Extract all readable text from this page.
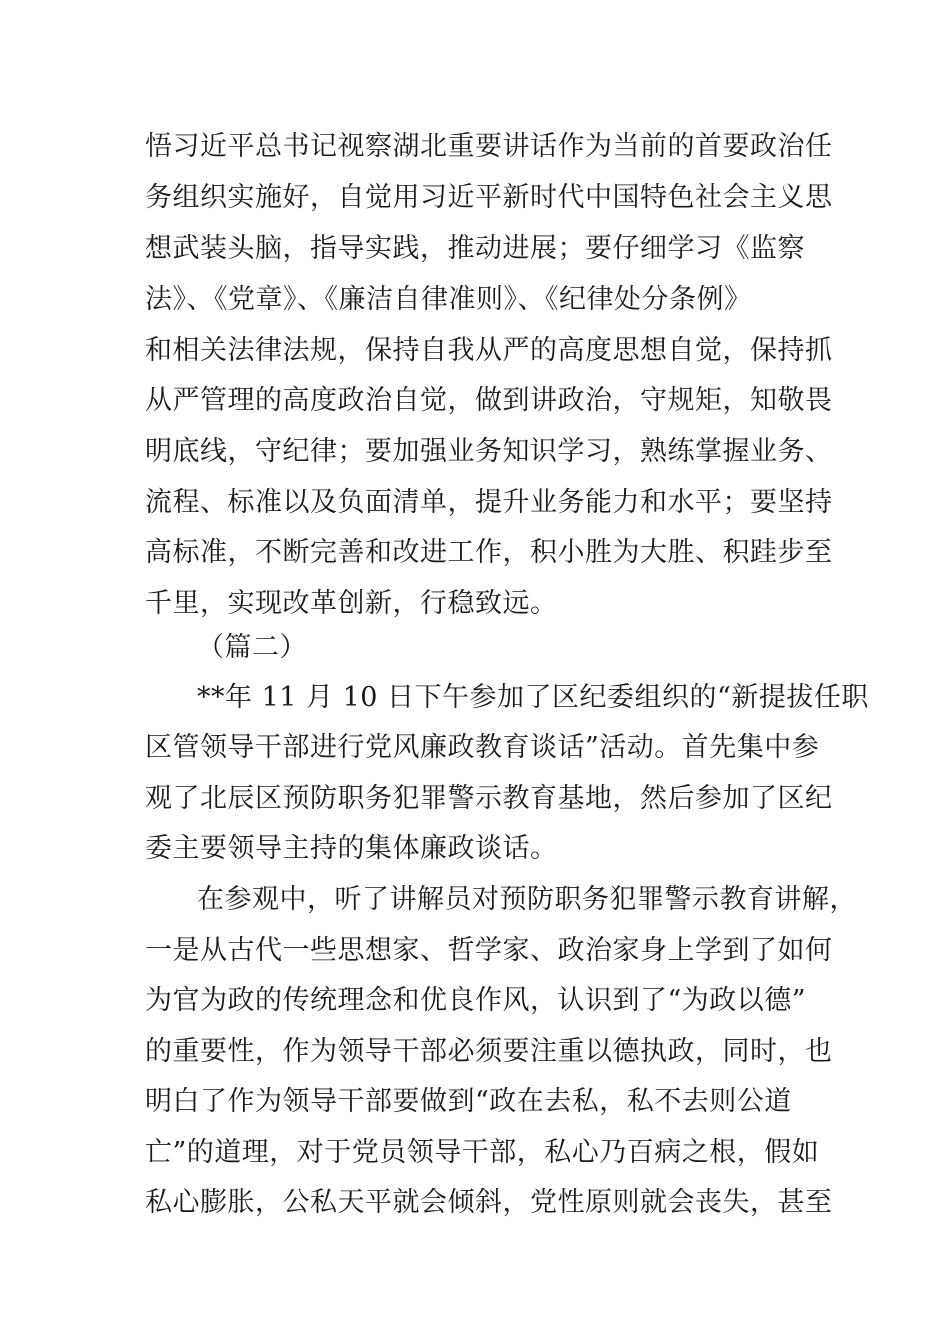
悟习近平总书记视察湖北重要讲话作为当前的首要政治任
务组织实施好，自觉用习近平新时代中国特色社会主义思
想武装头脑，指导实践，推动进展；要仔细学习《监察
法》、《党章》、《廉洁自律准则》、《纪律处分条例》
和相关法律法规，保持自我从严的高度思想自觉，保持抓
从严管理的高度政治自觉，做到讲政治，守规矩，知敬畏
明底线，守纪律；要加强业务知识学习，熟练掌握业务、
流程、标准以及负面清单，提升业务能力和水平；要坚持
高标准，不断完善和改进工作，积小胜为大胜、积跬步至
千里，实现改革创新，行稳致远。
（篇二）
**年 11 月 10 日下午参加了区纪委组织的“新提拔任职
区管领导干部进行党风廉政教育谈话”活动。首先集中参
观了北辰区预防职务犯罪警示教育基地，然后参加了区纪
委主要领导主持的集体廉政谈话。
在参观中，听了讲解员对预防职务犯罪警示教育讲解，
一是从古代一些思想家、哲学家、政治家身上学到了如何
为官为政的传统理念和优良作风，认识到了“为政以德”
的重要性，作为领导干部必须要注重以德执政，同时，也
明白了作为领导干部要做到“政在去私，私不去则公道
亡”的道理，对于党员领导干部，私心乃百病之根，假如
私心膨胀，公私天平就会倾斜，党性原则就会丧失，甚至
